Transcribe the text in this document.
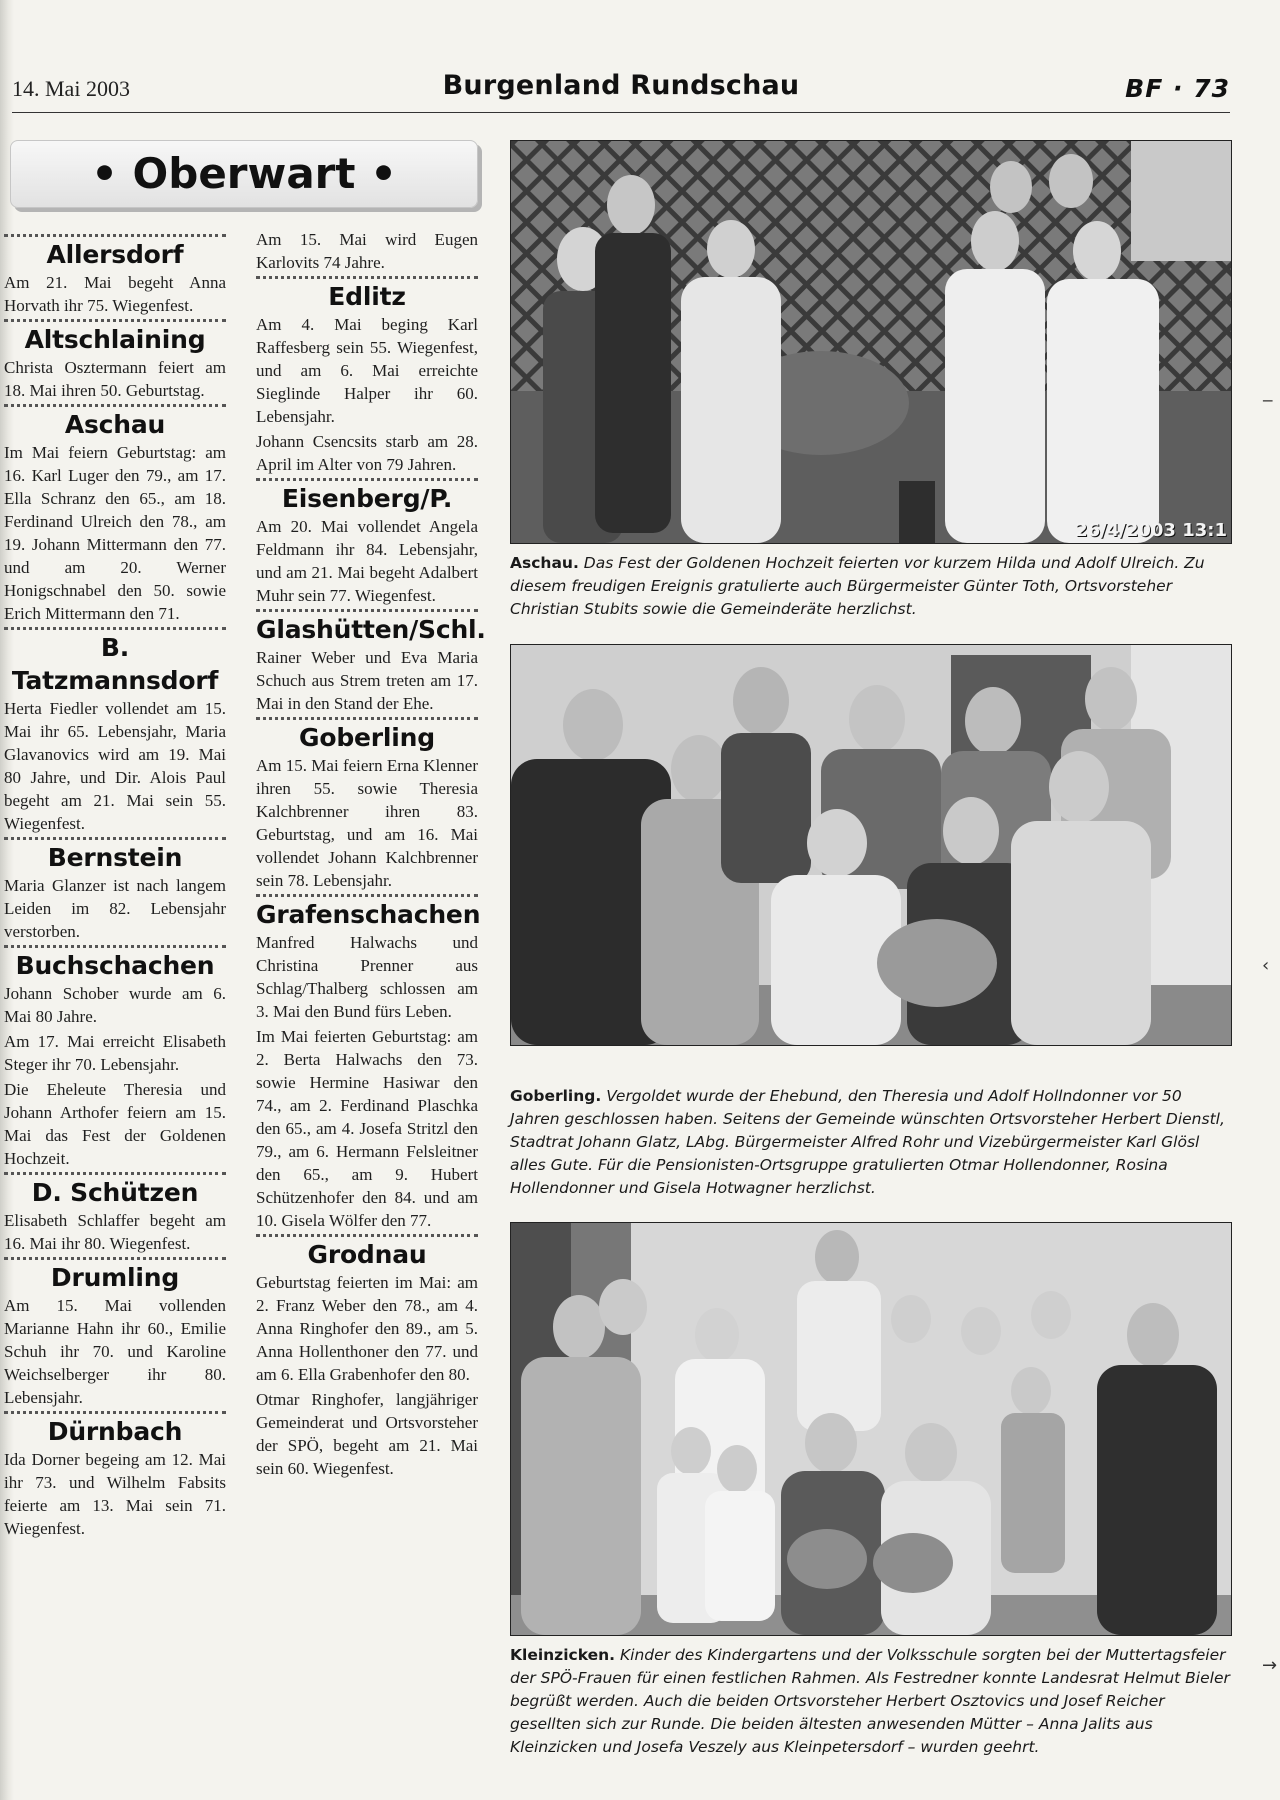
14. Mai 2003	Burgenland Rundschau	BF · 73
• Oberwart •
Allersdorf

Am 21. Mai begeht Anna Horvath ihr 75. Wiegenfest.

Altschlaining

Christa Osztermann feiert am 18. Mai ihren 50. Geburtstag.

Aschau

Im Mai feiern Geburtstag: am 16. Karl Luger den 79., am 17. Ella Schranz den 65., am 18. Ferdinand Ulreich den 78., am 19. Johann Mittermann den 77. und am 20. Werner Honigschnabel den 50. sowie Erich Mittermann den 71.

B. Tatzmannsdorf

Herta Fiedler vollendet am 15. Mai ihr 65. Lebensjahr, Maria Glavanovics wird am 19. Mai 80 Jahre, und Dir. Alois Paul begeht am 21. Mai sein 55. Wiegenfest.

Bernstein

Maria Glanzer ist nach langem Leiden im 82. Lebensjahr verstorben.

Buchschachen

Johann Schober wurde am 6. Mai 80 Jahre.

Am 17. Mai erreicht Elisabeth Steger ihr 70. Lebensjahr.

Die Eheleute Theresia und Johann Arthofer feiern am 15. Mai das Fest der Goldenen Hochzeit.

D. Schützen

Elisabeth Schlaffer begeht am 16. Mai ihr 80. Wiegenfest.

Drumling

Am 15. Mai vollenden Marianne Hahn ihr 60., Emilie Schuh ihr 70. und Karoline Weichselberger ihr 80. Lebensjahr.

Dürnbach

Ida Dorner begeing am 12. Mai ihr 73. und Wilhelm Fabsits feierte am 13. Mai sein 71. Wiegenfest.

Am 15. Mai wird Eugen Karlovits 74 Jahre.

Edlitz

Am 4. Mai beging Karl Raffesberg sein 55. Wiegenfest, und am 6. Mai erreichte Sieglinde Halper ihr 60. Lebensjahr.

Johann Csencsits starb am 28. April im Alter von 79 Jahren.

Eisenberg/P.

Am 20. Mai vollendet Angela Feldmann ihr 84. Lebensjahr, und am 21. Mai begeht Adalbert Muhr sein 77. Wiegenfest.

Glashütten/Schl.

Rainer Weber und Eva Maria Schuch aus Strem treten am 17. Mai in den Stand der Ehe.

Goberling

Am 15. Mai feiern Erna Klenner ihren 55. sowie Theresia Kalchbrenner ihren 83. Geburtstag, und am 16. Mai vollendet Johann Kalchbrenner sein 78. Lebensjahr.

Grafenschachen

Manfred Halwachs und Christina Prenner aus Schlag/Thalberg schlossen am 3. Mai den Bund fürs Leben.

Im Mai feierten Geburtstag: am 2. Berta Halwachs den 73. sowie Hermine Hasiwar den 74., am 2. Ferdinand Plaschka den 65., am 4. Josefa Stritzl den 79., am 6. Hermann Felsleitner den 65., am 9. Hubert Schützenhofer den 84. und am 10. Gisela Wölfer den 77.

Grodnau

Geburtstag feierten im Mai: am 2. Franz Weber den 78., am 4. Anna Ringhofer den 89., am 5. Anna Hollenthoner den 77. und am 6. Ella Grabenhofer den 80.

Otmar Ringhofer, langjähriger Gemeinderat und Ortsvorsteher der SPÖ, begeht am 21. Mai sein 60. Wiegenfest.

26/4/2003 13:1
Aschau. Das Fest der Goldenen Hochzeit feierten vor kurzem Hilda und Adolf Ulreich. Zu diesem freudigen Ereignis gratulierte auch Bürgermeister Günter Toth, Ortsvorsteher Christian Stubits sowie die Gemeinderäte herzlichst.
Goberling. Vergoldet wurde der Ehebund, den Theresia und Adolf Hollndonner vor 50 Jahren geschlossen haben. Seitens der Gemeinde wünschten Ortsvorsteher Herbert Dienstl, Stadtrat Johann Glatz, LAbg. Bürgermeister Alfred Rohr und Vizebürgermeister Karl Glösl alles Gute. Für die Pensionisten-Ortsgruppe gratulierten Otmar Hollendonner, Rosina Hollendonner und Gisela Hotwagner herzlichst.
Kleinzicken. Kinder des Kindergartens und der Volksschule sorgten bei der Muttertagsfeier der SPÖ-Frauen für einen festlichen Rahmen. Als Festredner konnte Landesrat Helmut Bieler begrüßt werden. Auch die beiden Ortsvorsteher Herbert Osztovics und Josef Reicher gesellten sich zur Runde. Die beiden ältesten anwesenden Mütter – Anna Jalits aus Kleinzicken und Josefa Veszely aus Kleinpetersdorf – wurden geehrt.
‒
‹
→
